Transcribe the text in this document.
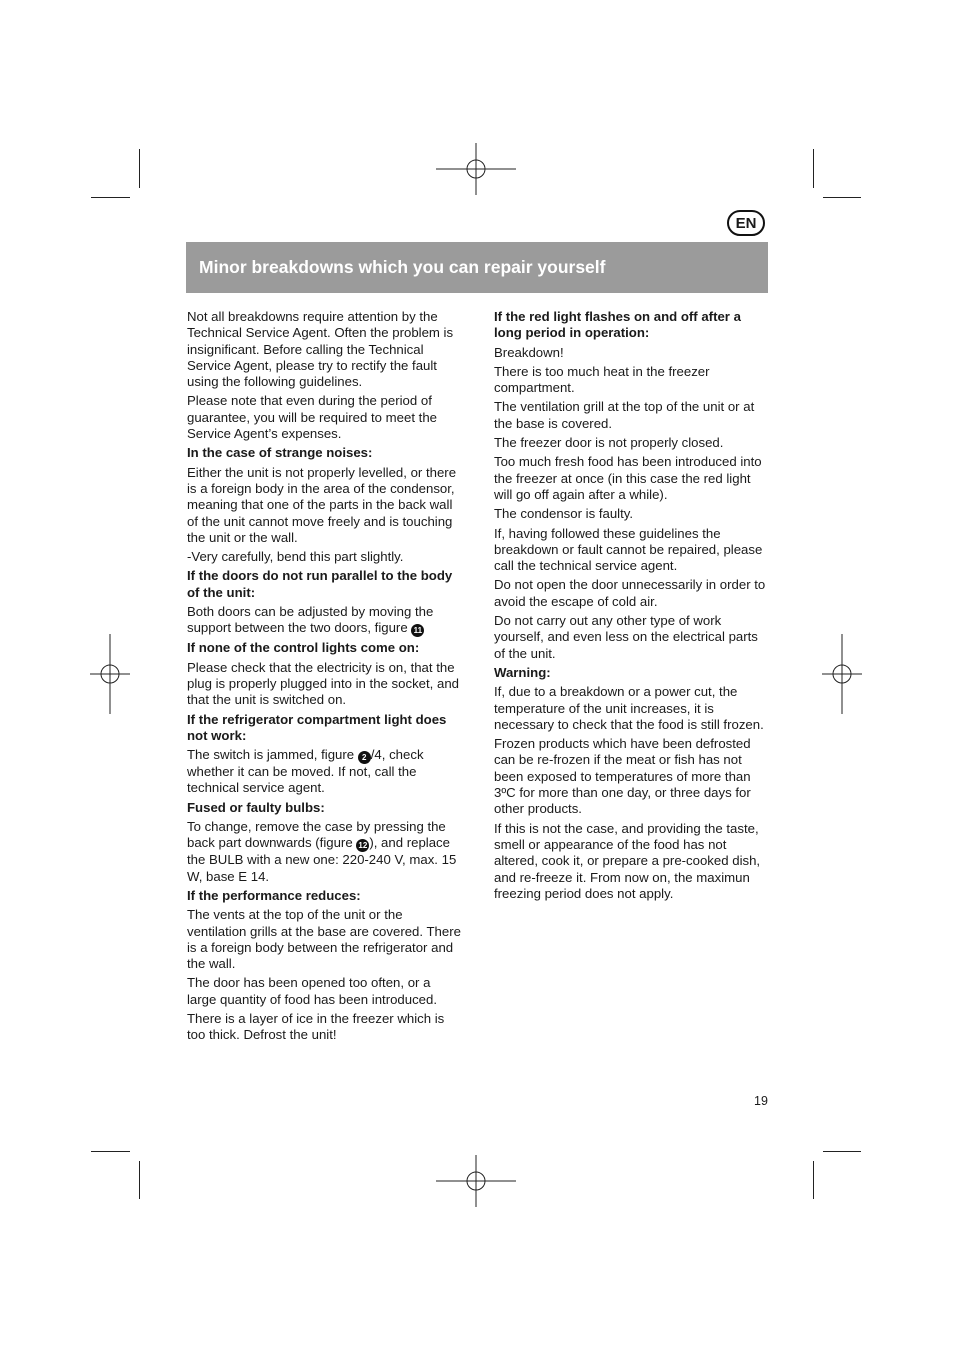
EN
Minor breakdowns which you can repair yourself

Not all breakdowns require attention by the Technical Service Agent. Often the problem is insignificant. Before calling the Technical Service Agent, please try to rectify the fault using the following guidelines.

Please note that even during the period of guarantee, you will be required to meet the Service Agent’s expenses.

In the case of strange noises:

Either the unit is not properly levelled, or there is a foreign body in the area of the condensor, meaning that one of the parts in the back wall of the unit cannot move freely and is touching the unit or the wall.

-Very carefully, bend this part slightly.

If the doors do not run parallel to the body of the unit:

Both doors can be adjusted by moving the support between the two doors, figure 11

If none of the control lights come on:

Please check that the electricity is on, that the plug is properly plugged into in the socket, and that the unit is switched on.

If the refrigerator compartment light does not work:

The switch is jammed, figure 2 /4, check whether it can be moved. If not, call the technical service agent.

Fused or faulty bulbs:

To change, remove the case by pressing the back part downwards (figure 12 ), and replace the BULB with a new one: 220-240 V, max. 15 W, base E 14.

If the performance reduces:

The vents at the top of the unit or the ventilation grills at the base are covered. There is a foreign body between the refrigerator and the wall.

The door has been opened too often, or a large quantity of food has been introduced.

There is a layer of ice in the freezer which is too thick. Defrost the unit!

If the red light flashes on and off after a long period in operation:

Breakdown!

There is too much heat in the freezer compartment.

The ventilation grill at the top of the unit or at the base is covered.

The freezer door is not properly closed.

Too much fresh food has been introduced into the freezer at once (in this case the red light will go off again after a while).

The condensor is faulty.

If, having followed these guidelines the breakdown or fault cannot be repaired, please call the technical service agent.

Do not open the door unnecessarily in order to avoid the escape of cold air.

Do not carry out any other type of work yourself, and even less on the electrical parts of the unit.

Warning:

If, due to a breakdown or a power cut, the temperature of the unit increases, it is necessary to check that the food is still frozen.

Frozen products which have been defrosted can be re-frozen if the meat or fish has not been exposed to temperatures of more than 3ºC for more than one day, or three days for other products.

If this is not the case, and providing the taste, smell or appearance of the food has not altered, cook it, or prepare a pre-cooked dish, and re-freeze it. From now on, the maximun freezing period does not apply.

19
